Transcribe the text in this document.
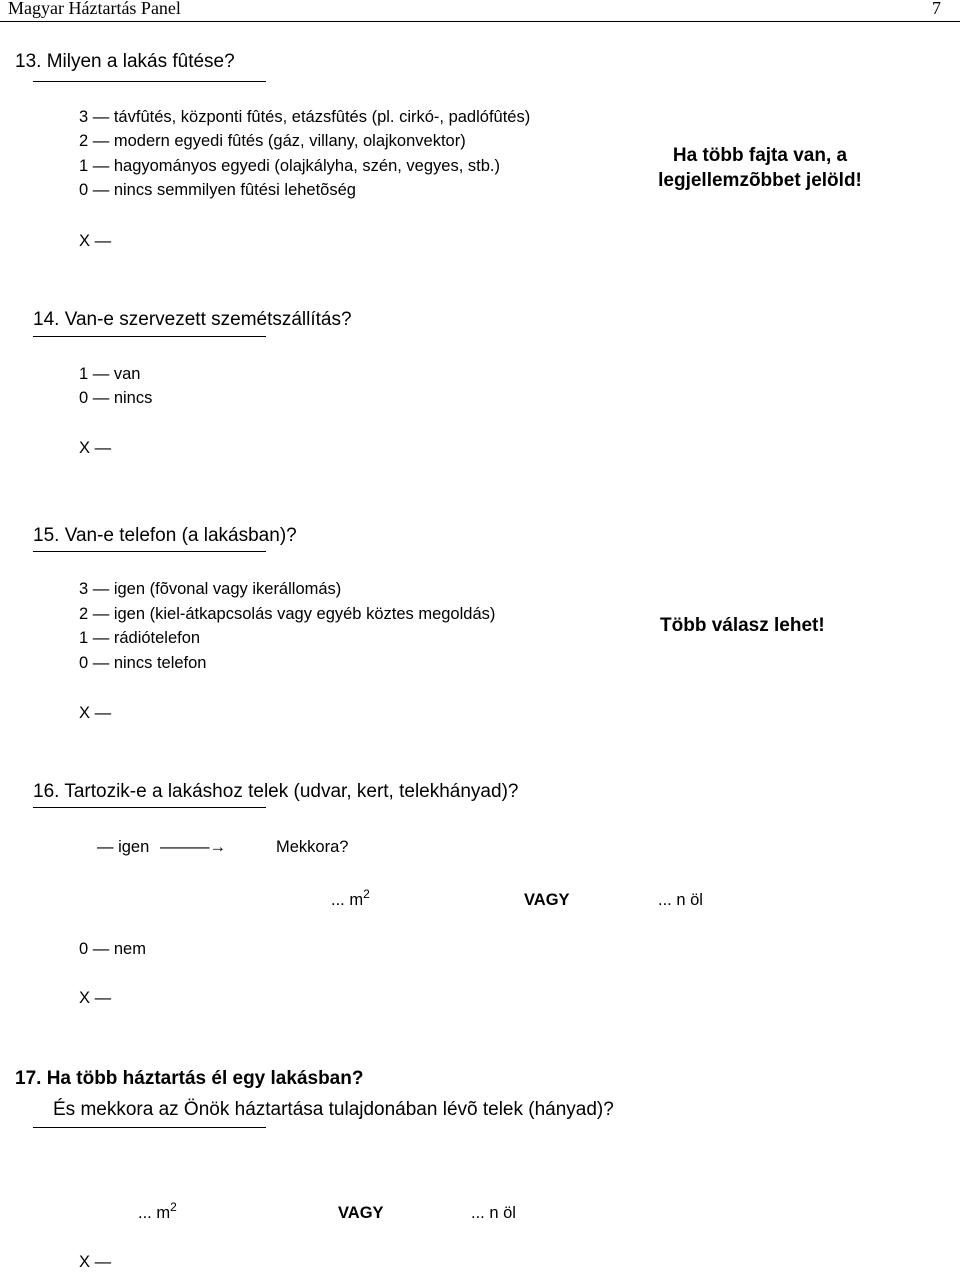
Magyar Háztartás Panel	7
13. Milyen a lakás fûtése?
3 — távfûtés, központi fûtés, etázsfûtés (pl. cirkó-, padlófûtés)
2 — modern egyedi fûtés (gáz, villany, olajkonvektor)
1 — hagyományos egyedi (olajkályha, szén, vegyes, stb.)
0 — nincs semmilyen fûtési lehetõség
Ha több fajta van, a
legjellemzõbbet jelöld!
X —
14. Van-e szervezett szemétszállítás?
1 — van
0 — nincs
X —
15. Van-e telefon (a lakásban)?
3 — igen (fõvonal vagy ikerállomás)
2 — igen (kiel-átkapcsolás vagy egyéb köztes megoldás)
1 — rádiótelefon
0 — nincs telefon
Több válasz lehet!
X —
16. Tartozik-e a lakáshoz telek (udvar, kert, telekhányad)?
— igen ———→	Mekkora?
... $m^2$	VAGY	... n öl
0 — nem
X —
17. Ha több háztartás él egy lakásban?
És mekkora az Önök háztartása tulajdonában lévõ telek (hányad)?
... $m^2$	VAGY	... n öl
X —
